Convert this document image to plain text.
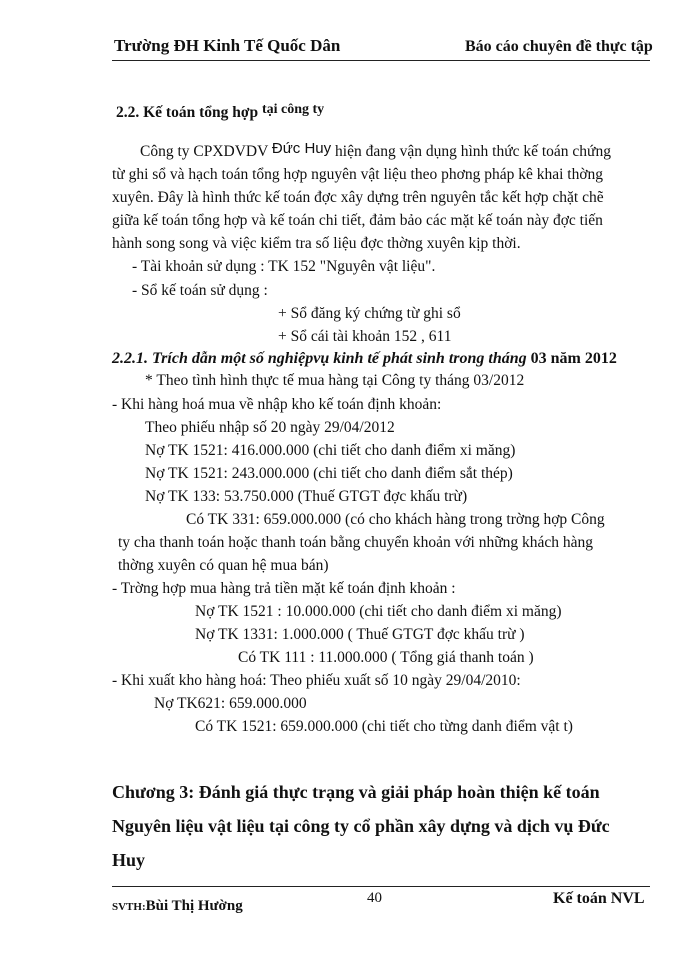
Trường ĐH Kinh Tế Quốc Dân	Báo cáo chuyên đề thực tập
2.2. Kế toán tổng hợp tại công ty
Công ty CPXDVDV Đức Huy hiện đang vận dụng hình thức kế toán chứng
từ ghi sổ và hạch toán tổng hợp nguyên vật liệu theo phơng pháp kê khai thờng
xuyên. Đây là hình thức kế toán đợc xây dựng trên nguyên tắc kết hợp chặt chẽ
giữa kế toán tổng hợp và kế toán chi tiết, đảm bảo các mặt kế toán này đợc tiến
hành song song và việc kiểm tra số liệu đợc thờng xuyên kịp thời.
- Tài khoản sử dụng : TK 152 "Nguyên vật liệu".
- Sổ kế toán sử dụng :
+ Sổ đăng ký chứng từ ghi sổ
+ Sổ cái tài khoản 152 , 611
2.2.1. Trích dẫn một số nghiệpvụ kinh tế phát sinh trong tháng 03 năm 2012
* Theo tình hình thực tế mua hàng tại Công ty tháng 03/2012
- Khi hàng hoá mua về nhập kho kế toán định khoản:
Theo phiếu nhập số 20 ngày 29/04/2012
Nợ TK 1521: 416.000.000 (chi tiết cho danh điểm xi măng)
Nợ TK 1521: 243.000.000 (chi tiết cho danh điểm sắt thép)
Nợ TK 133: 53.750.000 (Thuế GTGT đợc khấu trừ)
Có TK 331: 659.000.000 (có cho khách hàng trong trờng hợp Công
ty cha thanh toán hoặc thanh toán bằng chuyển khoản với những khách hàng
thờng xuyên có quan hệ mua bán)
- Trờng hợp mua hàng trả tiền mặt kế toán định khoản :
Nợ TK 1521 : 10.000.000 (chi tiết cho danh điểm xi măng)
Nợ TK 1331: 1.000.000 ( Thuế GTGT đợc khấu trừ )
Có TK 111 : 11.000.000 ( Tổng giá thanh toán )
- Khi xuất kho hàng hoá: Theo phiếu xuất số 10 ngày 29/04/2010:
Nợ TK621: 659.000.000
Có TK 1521: 659.000.000 (chi tiết cho từng danh điểm vật t)
Chương 3: Đánh giá thực trạng và giải pháp hoàn thiện kế toán
Nguyên liệu vật liệu tại công ty cổ phần xây dựng và dịch vụ Đức
Huy
SVTH:Bùi Thị Hường	40	Kế toán NVL
